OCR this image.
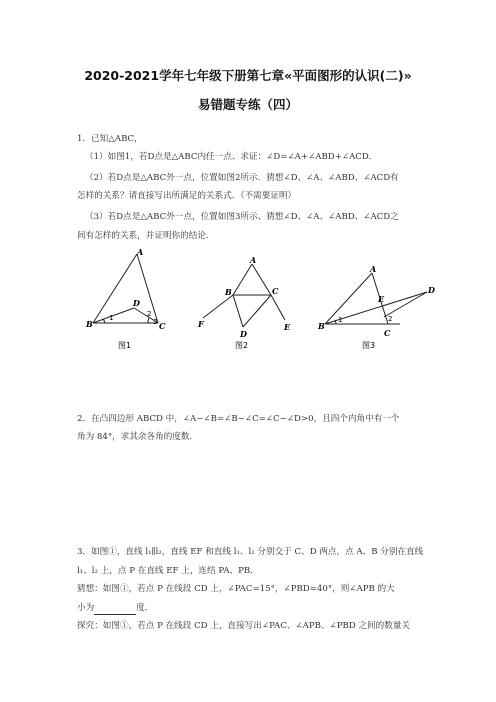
2020-2021学年七年级下册第七章«平面图形的认识(二)»
易错题专练（四）
1．已知△ABC，
（1）如图1，若D点是△ABC内任一点、求证：∠D=∠A+∠ABD+∠ACD．
（2）若D点是△ABC外一点，位置如图2所示．猜想∠D、∠A、∠ABD、∠ACD有
怎样的关系？请直接写出所满足的关系式．（不需要证明）
（3）若D点是△ABC外一点，位置如图3所示、猜想∠D、∠A、∠ABD、∠ACD之
间有怎样的关系，并证明你的结论．
A
B	C
D
1	2
3
图1
A
B	C
D
E
F
图2
A
B
C
D
E
1	2
图3
2．在凸四边形 ABCD 中，∠A−∠B=∠B−∠C=∠C−∠D>0，且四个内角中有一个
角为 84°，求其余各角的度数．
3．如图①，直线 l₁∥l₂，直线 EF 和直线 l₁、l₂ 分别交于 C、D 两点，点 A、B 分别在直线
l₁、l₂ 上，点 P 在直线 EF 上，连结 PA、PB．
猜想：如图①，若点 P 在线段 CD 上，∠PAC=15°，∠PBD=40°，则∠APB 的大
小为	度．
探究：如图①，若点 P 在线段 CD 上，直接写出∠PAC、∠APB、∠PBD 之间的数量关
